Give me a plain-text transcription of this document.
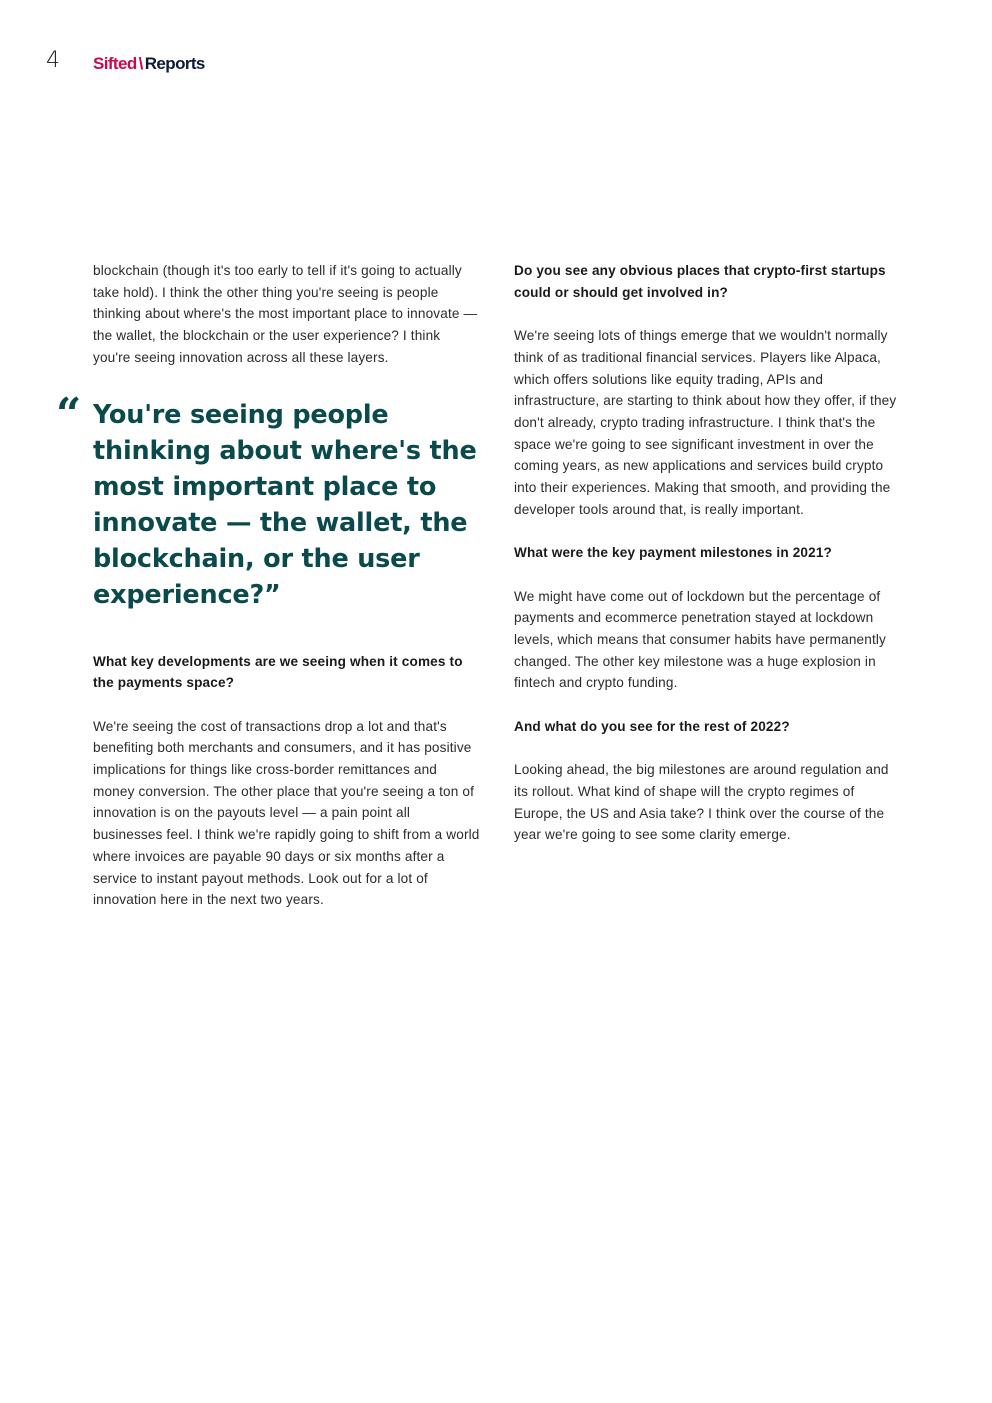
4 Sifted \ Reports

blockchain (though it's too early to tell if it's going to actually take hold). I think the other thing you're seeing is people thinking about where's the most important place to innovate — the wallet, the blockchain or the user experience? I think you're seeing innovation across all these layers.

“ You're seeing people thinking about where's the most important place to innovate — the wallet, the blockchain, or the user experience?”

What key developments are we seeing when it comes to the payments space?

We're seeing the cost of transactions drop a lot and that's benefiting both merchants and consumers, and it has positive implications for things like cross-border remittances and money conversion. The other place that you're seeing a ton of innovation is on the payouts level — a pain point all businesses feel. I think we're rapidly going to shift from a world where invoices are payable 90 days or six months after a service to instant payout methods. Look out for a lot of innovation here in the next two years.

Do you see any obvious places that crypto-first startups could or should get involved in?

We're seeing lots of things emerge that we wouldn't normally think of as traditional financial services. Players like Alpaca, which offers solutions like equity trading, APIs and infrastructure, are starting to think about how they offer, if they don't already, crypto trading infrastructure. I think that's the space we're going to see significant investment in over the coming years, as new applications and services build crypto into their experiences. Making that smooth, and providing the developer tools around that, is really important.

What were the key payment milestones in 2021?

We might have come out of lockdown but the percentage of payments and ecommerce penetration stayed at lockdown levels, which means that consumer habits have permanently changed. The other key milestone was a huge explosion in fintech and crypto funding.

And what do you see for the rest of 2022?

Looking ahead, the big milestones are around regulation and its rollout. What kind of shape will the crypto regimes of Europe, the US and Asia take? I think over the course of the year we're going to see some clarity emerge.
